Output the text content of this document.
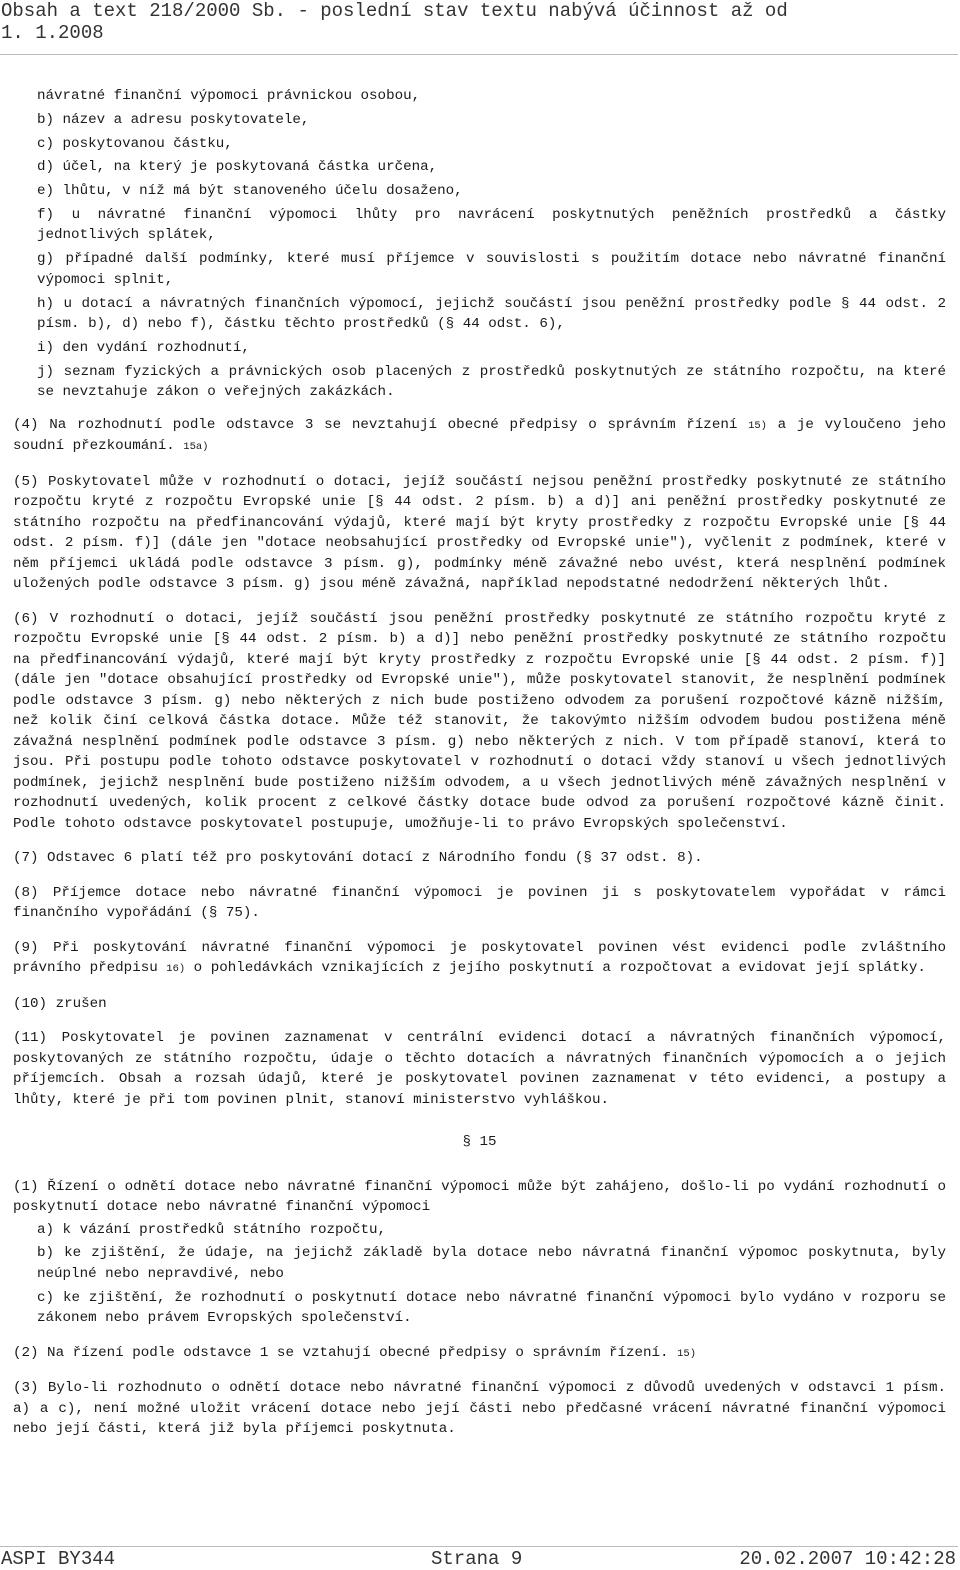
Obsah a text 218/2000 Sb. - poslední stav textu nabývá účinnost až od
1. 1.2008
návratné finanční výpomoci právnickou osobou,
b) název a adresu poskytovatele,
c) poskytovanou částku,
d) účel, na který je poskytovaná částka určena,
e) lhůtu, v níž má být stanoveného účelu dosaženo,
f) u návratné finanční výpomoci lhůty pro navrácení poskytnutých peněžních prostředků a částky jednotlivých splátek,
g) případné další podmínky, které musí příjemce v souvislosti s použitím dotace nebo návratné finanční výpomoci splnit,
h) u dotací a návratných finančních výpomocí, jejichž součástí jsou peněžní prostředky podle § 44 odst. 2 písm. b), d) nebo f), částku těchto prostředků (§ 44 odst. 6),
i) den vydání rozhodnutí,
j) seznam fyzických a právnických osob placených z prostředků poskytnutých ze státního rozpočtu, na které se nevztahuje zákon o veřejných zakázkách.
(4) Na rozhodnutí podle odstavce 3 se nevztahují obecné předpisy o správním řízení 15) a je vyloučeno jeho soudní přezkoumání. 15a)
(5) Poskytovatel může v rozhodnutí o dotaci, jejíž součástí nejsou peněžní prostředky poskytnuté ze státního rozpočtu kryté z rozpočtu Evropské unie [§ 44 odst. 2 písm. b) a d)] ani peněžní prostředky poskytnuté ze státního rozpočtu na předfinancování výdajů, které mají být kryty prostředky z rozpočtu Evropské unie [§ 44 odst. 2 písm. f)] (dále jen "dotace neobsahující prostředky od Evropské unie"), vyčlenit z podmínek, které v něm příjemci ukládá podle odstavce 3 písm. g), podmínky méně závažné nebo uvést, která nesplnění podmínek uložených podle odstavce 3 písm. g) jsou méně závažná, například nepodstatné nedodržení některých lhůt.
(6) V rozhodnutí o dotaci, jejíž součástí jsou peněžní prostředky poskytnuté ze státního rozpočtu kryté z rozpočtu Evropské unie [§ 44 odst. 2 písm. b) a d)] nebo peněžní prostředky poskytnuté ze státního rozpočtu na předfinancování výdajů, které mají být kryty prostředky z rozpočtu Evropské unie [§ 44 odst. 2 písm. f)] (dále jen "dotace obsahující prostředky od Evropské unie"), může poskytovatel stanovit, že nesplnění podmínek podle odstavce 3 písm. g) nebo některých z nich bude postiženo odvodem za porušení rozpočtové kázně nižším, než kolik činí celková částka dotace. Může též stanovit, že takovýmto nižším odvodem budou postižena méně závažná nesplnění podmínek podle odstavce 3 písm. g) nebo některých z nich. V tom případě stanoví, která to jsou. Při postupu podle tohoto odstavce poskytovatel v rozhodnutí o dotaci vždy stanoví u všech jednotlivých podmínek, jejichž nesplnění bude postiženo nižším odvodem, a u všech jednotlivých méně závažných nesplnění v rozhodnutí uvedených, kolik procent z celkové částky dotace bude odvod za porušení rozpočtové kázně činit. Podle tohoto odstavce poskytovatel postupuje, umožňuje-li to právo Evropských společenství.
(7) Odstavec 6 platí též pro poskytování dotací z Národního fondu (§ 37 odst. 8).
(8) Příjemce dotace nebo návratné finanční výpomoci je povinen ji s poskytovatelem vypořádat v rámci finančního vypořádání (§ 75).
(9) Při poskytování návratné finanční výpomoci je poskytovatel povinen vést evidenci podle zvláštního právního předpisu 16) o pohledávkách vznikajících z jejího poskytnutí a rozpočtovat a evidovat její splátky.
(10) zrušen
(11) Poskytovatel je povinen zaznamenat v centrální evidenci dotací a návratných finančních výpomocí, poskytovaných ze státního rozpočtu, údaje o těchto dotacích a návratných finančních výpomocích a o jejich příjemcích. Obsah a rozsah údajů, které je poskytovatel povinen zaznamenat v této evidenci, a postupy a lhůty, které je při tom povinen plnit, stanoví ministerstvo vyhláškou.
§ 15
(1) Řízení o odnětí dotace nebo návratné finanční výpomoci může být zahájeno, došlo-li po vydání rozhodnutí o poskytnutí dotace nebo návratné finanční výpomoci
a) k vázání prostředků státního rozpočtu,
b) ke zjištění, že údaje, na jejichž základě byla dotace nebo návratná finanční výpomoc poskytnuta, byly neúplné nebo nepravdivé, nebo
c) ke zjištění, že rozhodnutí o poskytnutí dotace nebo návratné finanční výpomoci bylo vydáno v rozporu se zákonem nebo právem Evropských společenství.
(2) Na řízení podle odstavce 1 se vztahují obecné předpisy o správním řízení. 15)
(3) Bylo-li rozhodnuto o odnětí dotace nebo návratné finanční výpomoci z důvodů uvedených v odstavci 1 písm. a) a c), není možné uložit vrácení dotace nebo její části nebo předčasné vrácení návratné finanční výpomoci nebo její části, která již byla příjemci poskytnuta.
ASPI BY344	Strana 9	20.02.2007 10:42:28
